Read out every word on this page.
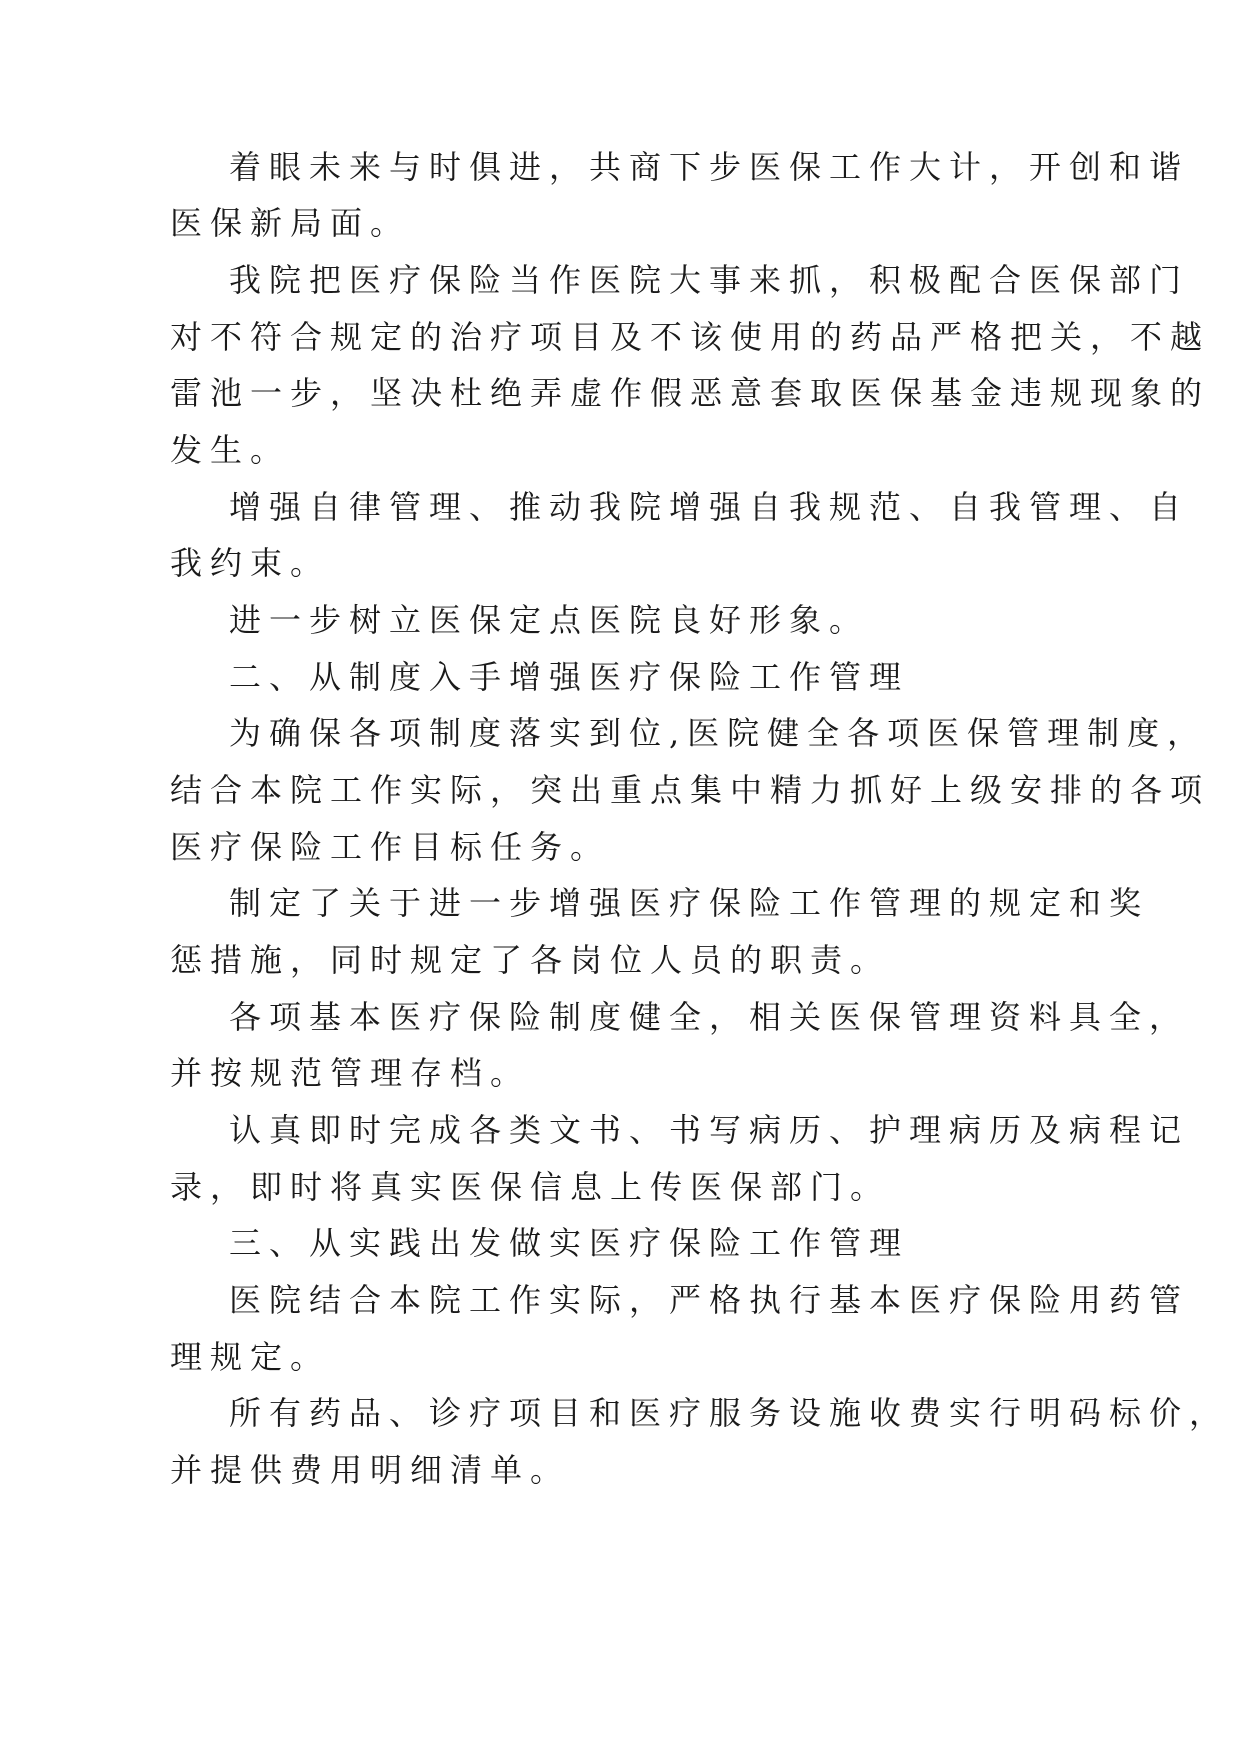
着眼未来与时俱进，共商下步医保工作大计，开创和谐
医保新局面。
我院把医疗保险当作医院大事来抓，积极配合医保部门
对不符合规定的治疗项目及不该使用的药品严格把关，不越
雷池一步，坚决杜绝弄虚作假恶意套取医保基金违规现象的
发生。
增强自律管理、推动我院增强自我规范、自我管理、自
我约束。
进一步树立医保定点医院良好形象。
二、从制度入手增强医疗保险工作管理
为确保各项制度落实到位,医院健全各项医保管理制度，
结合本院工作实际，突出重点集中精力抓好上级安排的各项
医疗保险工作目标任务。
制定了关于进一步增强医疗保险工作管理的规定和奖
惩措施，同时规定了各岗位人员的职责。
各项基本医疗保险制度健全，相关医保管理资料具全，
并按规范管理存档。
认真即时完成各类文书、书写病历、护理病历及病程记
录，即时将真实医保信息上传医保部门。
三、从实践出发做实医疗保险工作管理
医院结合本院工作实际，严格执行基本医疗保险用药管
理规定。
所有药品、诊疗项目和医疗服务设施收费实行明码标价，
并提供费用明细清单。
